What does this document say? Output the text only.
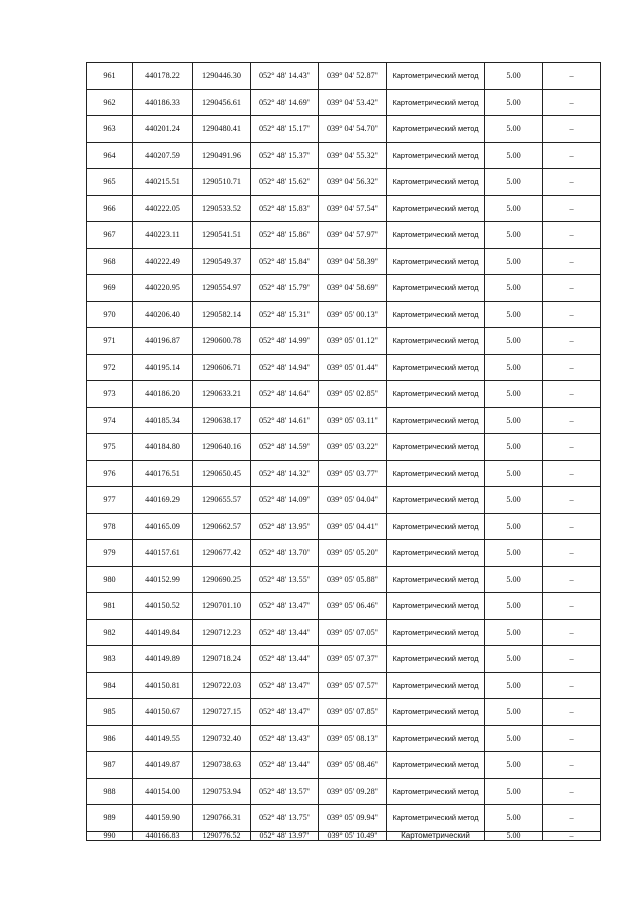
961	440178.22	1290446.30	052° 48' 14.43"	039° 04' 52.87"	Картометрический метод	5.00	–
962	440186.33	1290456.61	052° 48' 14.69"	039° 04' 53.42"	Картометрический метод	5.00	–
963	440201.24	1290480.41	052° 48' 15.17"	039° 04' 54.70"	Картометрический метод	5.00	–
964	440207.59	1290491.96	052° 48' 15.37"	039° 04' 55.32"	Картометрический метод	5.00	–
965	440215.51	1290510.71	052° 48' 15.62"	039° 04' 56.32"	Картометрический метод	5.00	–
966	440222.05	1290533.52	052° 48' 15.83"	039° 04' 57.54"	Картометрический метод	5.00	–
967	440223.11	1290541.51	052° 48' 15.86"	039° 04' 57.97"	Картометрический метод	5.00	–
968	440222.49	1290549.37	052° 48' 15.84"	039° 04' 58.39"	Картометрический метод	5.00	–
969	440220.95	1290554.97	052° 48' 15.79"	039° 04' 58.69"	Картометрический метод	5.00	–
970	440206.40	1290582.14	052° 48' 15.31"	039° 05' 00.13"	Картометрический метод	5.00	–
971	440196.87	1290600.78	052° 48' 14.99"	039° 05' 01.12"	Картометрический метод	5.00	–
972	440195.14	1290606.71	052° 48' 14.94"	039° 05' 01.44"	Картометрический метод	5.00	–
973	440186.20	1290633.21	052° 48' 14.64"	039° 05' 02.85"	Картометрический метод	5.00	–
974	440185.34	1290638.17	052° 48' 14.61"	039° 05' 03.11"	Картометрический метод	5.00	–
975	440184.80	1290640.16	052° 48' 14.59"	039° 05' 03.22"	Картометрический метод	5.00	–
976	440176.51	1290650.45	052° 48' 14.32"	039° 05' 03.77"	Картометрический метод	5.00	–
977	440169.29	1290655.57	052° 48' 14.09"	039° 05' 04.04"	Картометрический метод	5.00	–
978	440165.09	1290662.57	052° 48' 13.95"	039° 05' 04.41"	Картометрический метод	5.00	–
979	440157.61	1290677.42	052° 48' 13.70"	039° 05' 05.20"	Картометрический метод	5.00	–
980	440152.99	1290690.25	052° 48' 13.55"	039° 05' 05.88"	Картометрический метод	5.00	–
981	440150.52	1290701.10	052° 48' 13.47"	039° 05' 06.46"	Картометрический метод	5.00	–
982	440149.84	1290712.23	052° 48' 13.44"	039° 05' 07.05"	Картометрический метод	5.00	–
983	440149.89	1290718.24	052° 48' 13.44"	039° 05' 07.37"	Картометрический метод	5.00	–
984	440150.81	1290722.03	052° 48' 13.47"	039° 05' 07.57"	Картометрический метод	5.00	–
985	440150.67	1290727.15	052° 48' 13.47"	039° 05' 07.85"	Картометрический метод	5.00	–
986	440149.55	1290732.40	052° 48' 13.43"	039° 05' 08.13"	Картометрический метод	5.00	–
987	440149.87	1290738.63	052° 48' 13.44"	039° 05' 08.46"	Картометрический метод	5.00	–
988	440154.00	1290753.94	052° 48' 13.57"	039° 05' 09.28"	Картометрический метод	5.00	–
989	440159.90	1290766.31	052° 48' 13.75"	039° 05' 09.94"	Картометрический метод	5.00	–
990	440166.83	1290776.52	052° 48' 13.97"	039° 05' 10.49"	Картометрический	5.00	–
